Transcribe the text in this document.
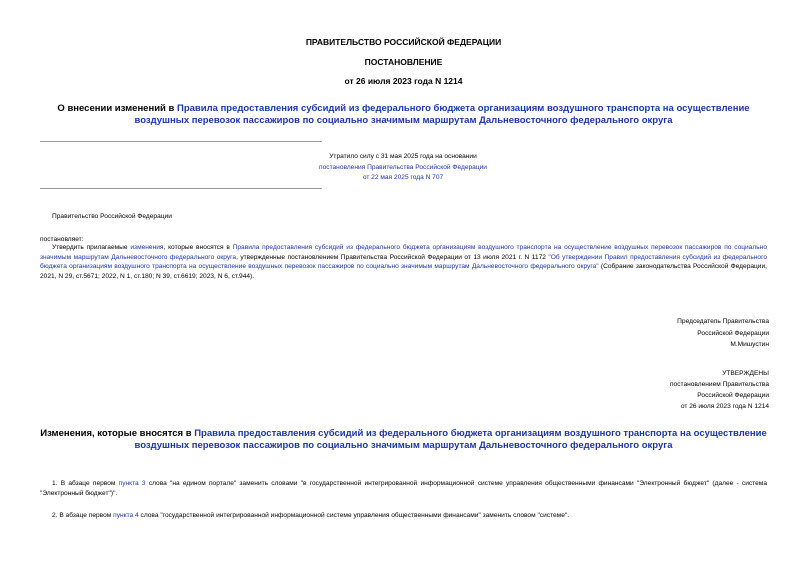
ПРАВИТЕЛЬСТВО РОССИЙСКОЙ ФЕДЕРАЦИИ
ПОСТАНОВЛЕНИЕ
от 26 июля 2023 года N 1214
О внесении изменений в Правила предоставления субсидий из федерального бюджета организациям воздушного транспорта на осуществление воздушных перевозок пассажиров по социально значимым маршрутам Дальневосточного федерального округа
Утратило силу с 31 мая 2025 года на основании
постановления Правительства Российской Федерации
от 22 мая 2025 года N 707
Правительство Российской Федерации
постановляет:
Утвердить прилагаемые изменения, которые вносятся в Правила предоставления субсидий из федерального бюджета организациям воздушного транспорта на осуществление воздушных перевозок пассажиров по социально значимым маршрутам Дальневосточного федерального округа, утвержденные постановлением Правительства Российской Федерации от 13 июля 2021 г. N 1172 "Об утверждении Правил предоставления субсидий из федерального бюджета организациям воздушного транспорта на осуществление воздушных перевозок пассажиров по социально значимым маршрутам Дальневосточного федерального округа" (Собрание законодательства Российской Федерации, 2021, N 29, ст.5671; 2022, N 1, ст.180; N 39, ст.6619; 2023, N 6, ст.944).
Председатель Правительства
Российской Федерации
М.Мишустин
УТВЕРЖДЕНЫ
постановлением Правительства
Российской Федерации
от 26 июля 2023 года N 1214
Изменения, которые вносятся в Правила предоставления субсидий из федерального бюджета организациям воздушного транспорта на осуществление воздушных перевозок пассажиров по социально значимым маршрутам Дальневосточного федерального округа
1. В абзаце первом пункта 3 слова "на едином портале" заменить словами "в государственной интегрированной информационной системе управления общественными финансами "Электронный бюджет" (далее - система "Электронный бюджет")".
2. В абзаце первом пункта 4 слова "государственной интегрированной информационной системе управления общественными финансами" заменить словом "системе".
